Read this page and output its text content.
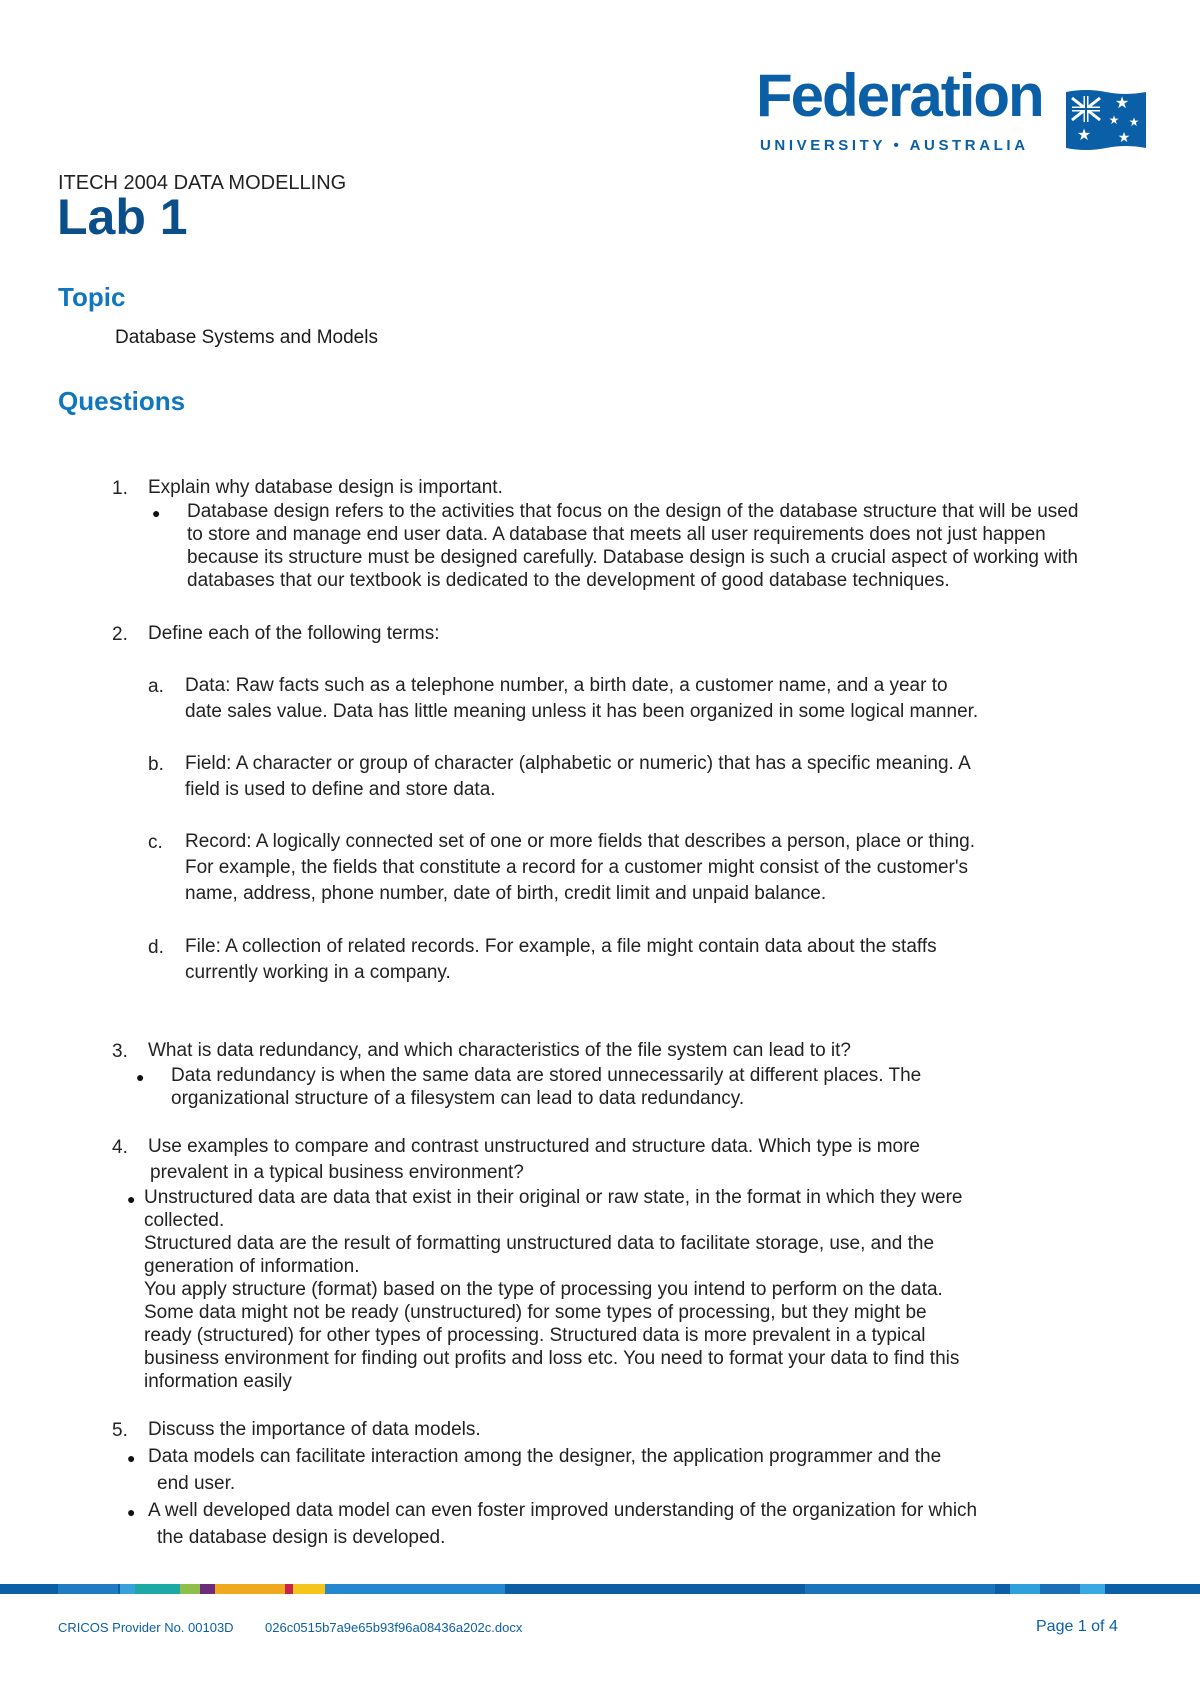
Federation
UNIVERSITY • AUSTRALIA
★
★ ★
★
★
ITECH 2004 DATA MODELLING
Lab 1
Topic
Database Systems and Models
Questions
1. Explain why database design is important.
● Database design refers to the activities that focus on the design of the database structure that will be used
to store and manage end user data. A database that meets all user requirements does not just happen
because its structure must be designed carefully. Database design is such a crucial aspect of working with
databases that our textbook is dedicated to the development of good database techniques.
2. Define each of the following terms:
a. Data: Raw facts such as a telephone number, a birth date, a customer name, and a year to
date sales value. Data has little meaning unless it has been organized in some logical manner.
b. Field: A character or group of character (alphabetic or numeric) that has a specific meaning. A
field is used to define and store data.
c. Record: A logically connected set of one or more fields that describes a person, place or thing.
For example, the fields that constitute a record for a customer might consist of the customer's
name, address, phone number, date of birth, credit limit and unpaid balance.
d. File: A collection of related records. For example, a file might contain data about the staffs
currently working in a company.
3. What is data redundancy, and which characteristics of the file system can lead to it?
● Data redundancy is when the same data are stored unnecessarily at different places. The
organizational structure of a filesystem can lead to data redundancy.
4. Use examples to compare and contrast unstructured and structure data. Which type is more
prevalent in a typical business environment?
● Unstructured data are data that exist in their original or raw state, in the format in which they were
collected.
Structured data are the result of formatting unstructured data to facilitate storage, use, and the
generation of information.
You apply structure (format) based on the type of processing you intend to perform on the data.
Some data might not be ready (unstructured) for some types of processing, but they might be
ready (structured) for other types of processing. Structured data is more prevalent in a typical
business environment for finding out profits and loss etc. You need to format your data to find this
information easily
5. Discuss the importance of data models.
● Data models can facilitate interaction among the designer, the application programmer and the
end user.
● A well developed data model can even foster improved understanding of the organization for which
the database design is developed.
CRICOS Provider No. 00103D 026c0515b7a9e65b93f96a08436a202c.docx	Page 1 of 4
